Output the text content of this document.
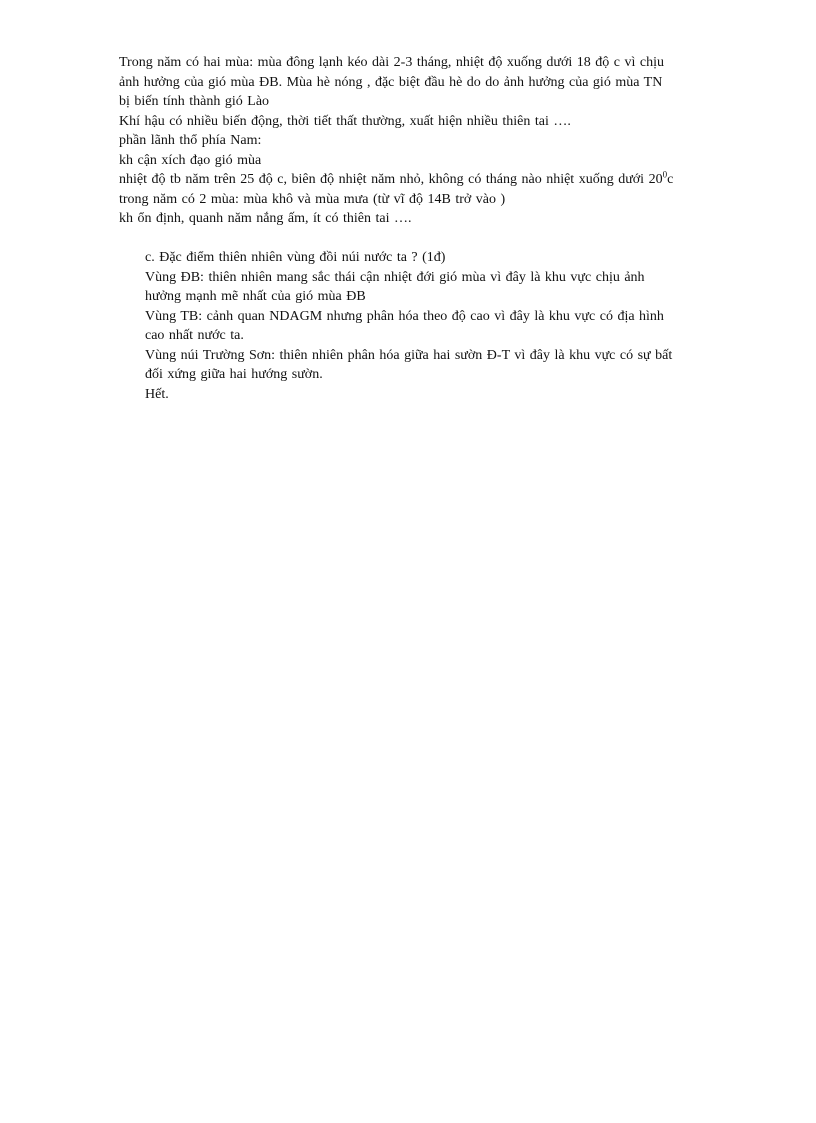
Trong năm có hai mùa: mùa đông lạnh kéo dài 2-3 tháng, nhiệt độ xuống dưới 18 độ c vì chịu
ảnh hưởng của gió mùa ĐB. Mùa hè nóng , đặc biệt đầu hè do do ảnh hưởng của gió mùa TN
bị biến tính thành gió Lào
Khí hậu có nhiều biến động, thời tiết thất thường, xuất hiện nhiều thiên tai ….
phần lãnh thổ phía Nam:
kh cận xích đạo gió mùa
nhiệt độ tb năm trên 25 độ c, biên độ nhiệt năm nhỏ, không có tháng nào nhiệt xuống dưới $20^0c$
trong năm có 2 mùa: mùa khô và mùa mưa (từ vĩ độ 14B trở vào )
kh ổn định, quanh năm nắng ấm, ít có thiên tai ….
c. Đặc điểm thiên nhiên vùng đồi núi nước ta ? (1đ)
Vùng ĐB: thiên nhiên mang sắc thái cận nhiệt đới gió mùa vì đây là khu vực chịu ảnh
hưởng mạnh mẽ nhất của gió mùa ĐB
Vùng TB: cảnh quan NDAGM nhưng phân hóa theo độ cao vì đây là khu vực có địa hình
cao nhất nước ta.
Vùng núi Trường Sơn: thiên nhiên phân hóa giữa hai sườn Đ-T vì đây là khu vực có sự bất
đối xứng giữa hai hướng sườn.
Hết.
